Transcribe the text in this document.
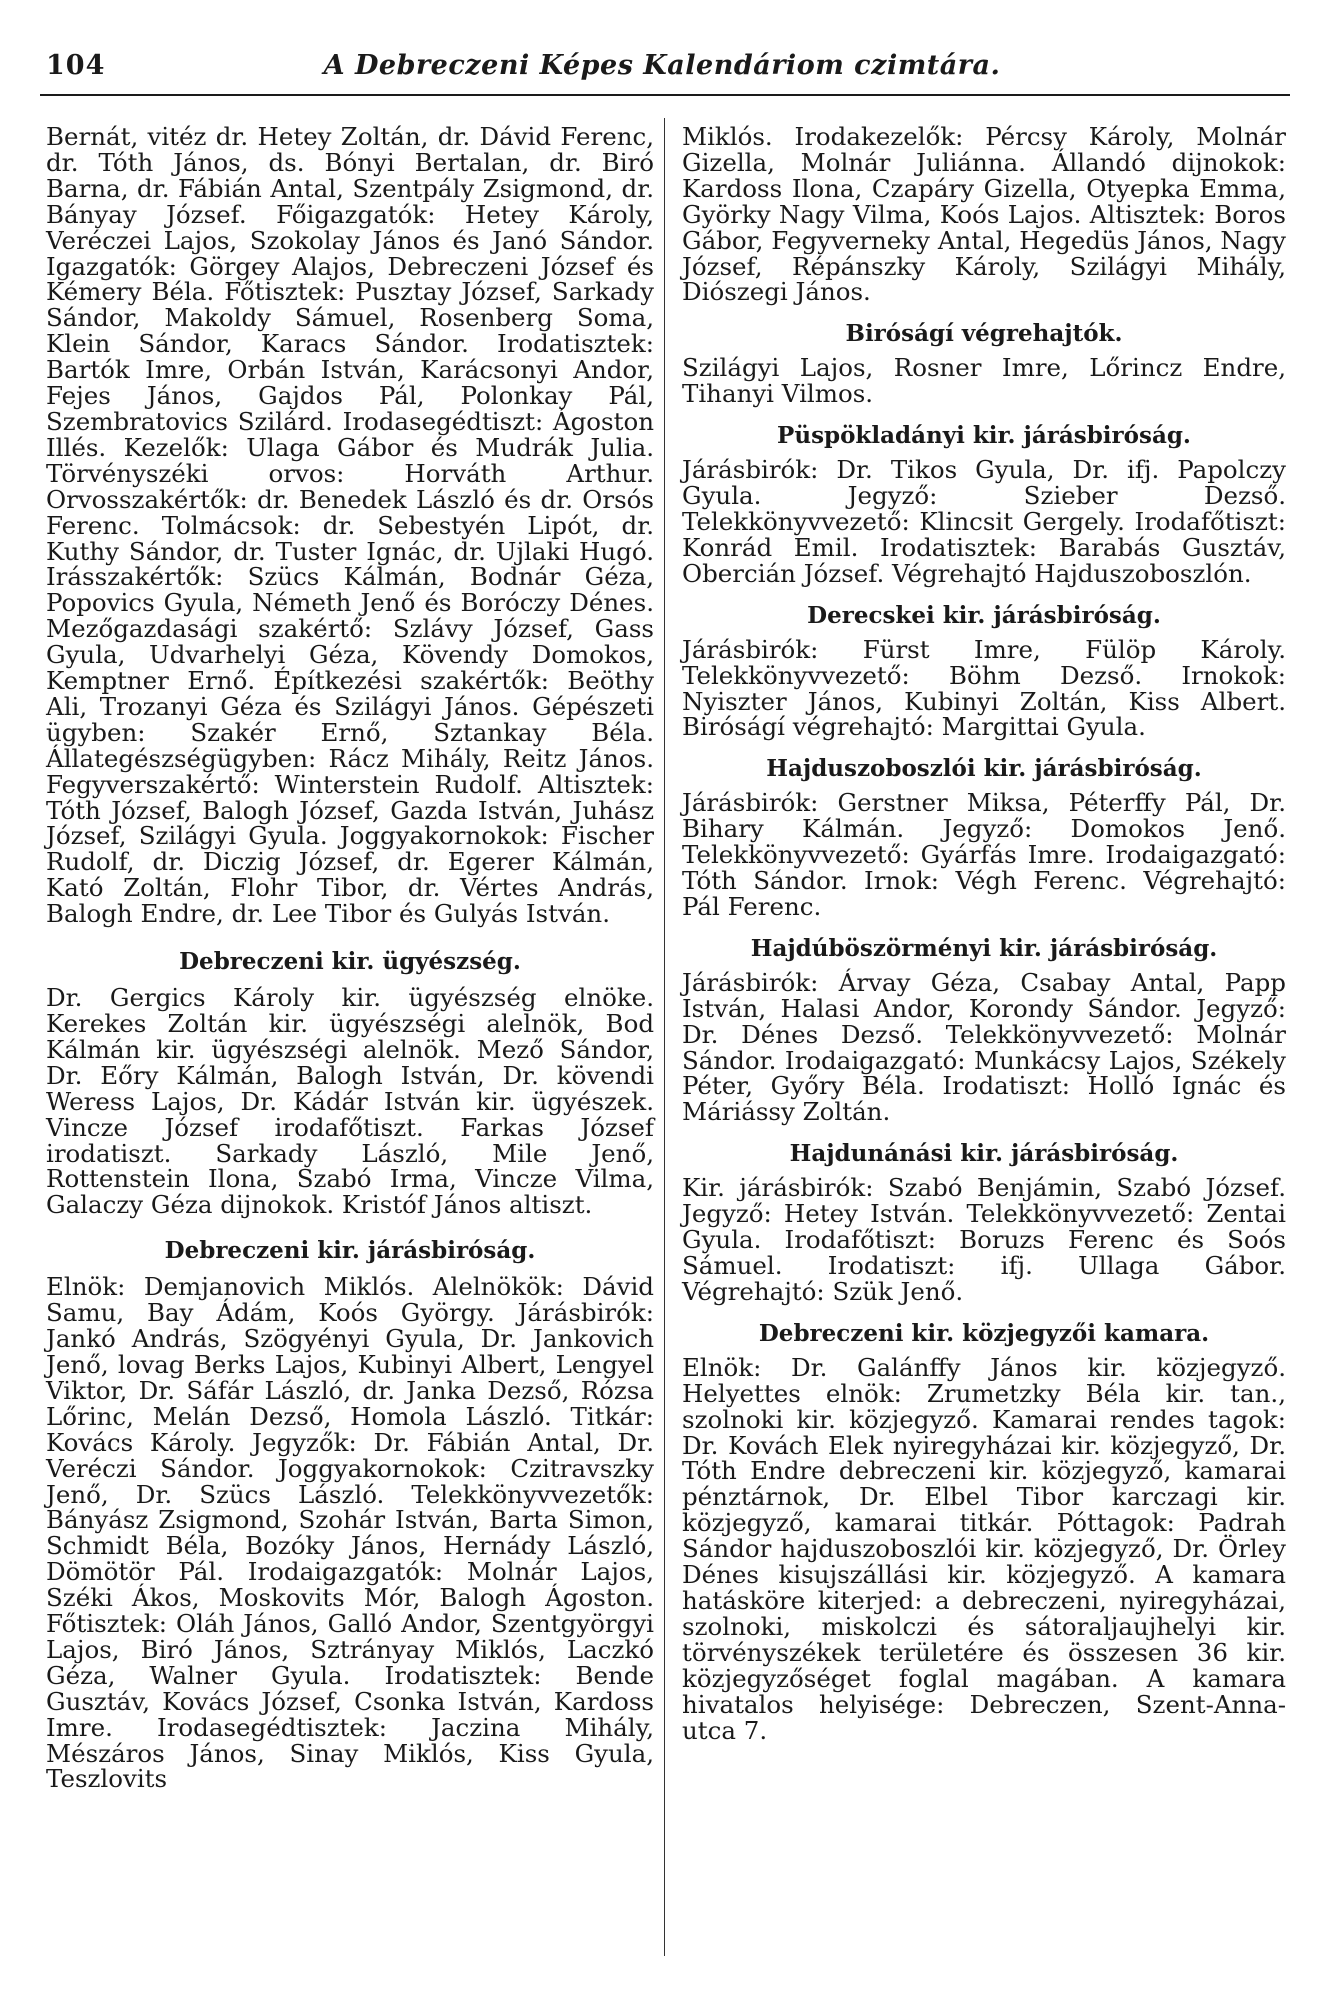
104	A Debreczeni Képes Kalendáriom czimtára.

Bernát, vitéz dr. Hetey Zoltán, dr. Dávid Ferenc, dr. Tóth János, ds. Bónyi Bertalan, dr. Biró Barna, dr. Fábián Antal, Szentpály Zsigmond, dr. Bányay József. Főigazgatók: Hetey Károly, Veréczei Lajos, Szokolay János és Janó Sándor. Igazgatók: Görgey Alajos, Debreczeni József és Kémery Béla. Főtisztek: Pusztay József, Sarkady Sándor, Makoldy Sámuel, Rosenberg Soma, Klein Sándor, Karacs Sándor. Irodatisztek: Bartók Imre, Orbán István, Karácsonyi Andor, Fejes János, Gajdos Pál, Polonkay Pál, Szembratovics Szilárd. Irodasegédtiszt: Ágoston Illés. Kezelők: Ulaga Gábor és Mudrák Julia. Törvényszéki orvos: Horváth Arthur. Orvosszakértők: dr. Benedek László és dr. Orsós Ferenc. Tolmácsok: dr. Sebestyén Lipót, dr. Kuthy Sándor, dr. Tuster Ignác, dr. Ujlaki Hugó. Irásszakértők: Szücs Kálmán, Bodnár Géza, Popovics Gyula, Németh Jenő és Boróczy Dénes. Mezőgazdasági szakértő: Szlávy József, Gass Gyula, Udvarhelyi Géza, Kövendy Domokos, Kemptner Ernő. Építkezési szakértők: Beöthy Ali, Trozanyi Géza és Szilágyi János. Gépészeti ügyben: Szakér Ernő, Sztankay Béla. Állategészségügyben: Rácz Mihály, Reitz János. Fegyverszakértő: Winterstein Rudolf. Altisztek: Tóth József, Balogh József, Gazda István, Juhász József, Szilágyi Gyula. Joggyakornokok: Fischer Rudolf, dr. Diczig József, dr. Egerer Kálmán, Kató Zoltán, Flohr Tibor, dr. Vértes András, Balogh Endre, dr. Lee Tibor és Gulyás István.

Debreczeni kir. ügyészség.

Dr. Gergics Károly kir. ügyészség elnöke. Kerekes Zoltán kir. ügyészségi alelnök, Bod Kálmán kir. ügyészségi alelnök. Mező Sándor, Dr. Eőry Kálmán, Balogh István, Dr. kövendi Weress Lajos, Dr. Kádár István kir. ügyészek. Vincze József irodafőtiszt. Farkas József irodatiszt. Sarkady László, Mile Jenő, Rottenstein Ilona, Szabó Irma, Vincze Vilma, Galaczy Géza dijnokok. Kristóf János altiszt.

Debreczeni kir. járásbiróság.

Elnök: Demjanovich Miklós. Alelnökök: Dávid Samu, Bay Ádám, Koós György. Járásbirók: Jankó András, Szögyényi Gyula, Dr. Jankovich Jenő, lovag Berks Lajos, Kubinyi Albert, Lengyel Viktor, Dr. Sáfár László, dr. Janka Dezső, Rózsa Lőrinc, Melán Dezső, Homola László. Titkár: Kovács Károly. Jegyzők: Dr. Fábián Antal, Dr. Veréczi Sándor. Joggyakornokok: Czitravszky Jenő, Dr. Szücs László. Telekkönyvvezetők: Bányász Zsigmond, Szohár István, Barta Simon, Schmidt Béla, Bozóky János, Hernády László, Dömötör Pál. Irodaigazgatók: Molnár Lajos, Széki Ákos, Moskovits Mór, Balogh Ágoston. Főtisztek: Oláh János, Galló Andor, Szentgyörgyi Lajos, Biró János, Sztrányay Miklós, Laczkó Géza, Walner Gyula. Irodatisztek: Bende Gusztáv, Kovács József, Csonka István, Kardoss Imre. Irodasegédtisztek: Jaczina Mihály, Mészáros János, Sinay Miklós, Kiss Gyula, Teszlovits

Miklós. Irodakezelők: Pércsy Károly, Molnár Gizella, Molnár Juliánna. Állandó dijnokok: Kardoss Ilona, Czapáry Gizella, Otyepka Emma, Györky Nagy Vilma, Koós Lajos. Altisztek: Boros Gábor, Fegyverneky Antal, Hegedüs János, Nagy József, Répánszky Károly, Szilágyi Mihály, Diószegi János.

Biróságí végrehajtók.

Szilágyi Lajos, Rosner Imre, Lőrincz Endre, Tihanyi Vilmos.

Püspökladányi kir. járásbiróság.

Járásbirók: Dr. Tikos Gyula, Dr. ifj. Papolczy Gyula. Jegyző: Szieber Dezső. Telekkönyvvezető: Klincsit Gergely. Irodafőtiszt: Konrád Emil. Irodatisztek: Barabás Gusztáv, Obercián József. Végrehajtó Hajduszoboszlón.

Derecskei kir. járásbiróság.

Járásbirók: Fürst Imre, Fülöp Károly. Telekkönyvvezető: Böhm Dezső. Irnokok: Nyiszter János, Kubinyi Zoltán, Kiss Albert. Biróságí végrehajtó: Margittai Gyula.

Hajduszoboszlói kir. járásbiróság.

Járásbirók: Gerstner Miksa, Péterffy Pál, Dr. Bihary Kálmán. Jegyző: Domokos Jenő. Telekkönyvvezető: Gyárfás Imre. Irodaigazgató: Tóth Sándor. Irnok: Végh Ferenc. Végrehajtó: Pál Ferenc.

Hajdúböszörményi kir. járásbiróság.

Járásbirók: Árvay Géza, Csabay Antal, Papp István, Halasi Andor, Korondy Sándor. Jegyző: Dr. Dénes Dezső. Telekkönyvvezető: Molnár Sándor. Irodaigazgató: Munkácsy Lajos, Székely Péter, Győry Béla. Irodatiszt: Holló Ignác és Máriássy Zoltán.

Hajdunánási kir. járásbiróság.

Kir. járásbirók: Szabó Benjámin, Szabó József. Jegyző: Hetey István. Telekkönyvvezető: Zentai Gyula. Irodafőtiszt: Boruzs Ferenc és Soós Sámuel. Irodatiszt: ifj. Ullaga Gábor. Végrehajtó: Szük Jenő.

Debreczeni kir. közjegyzői kamara.

Elnök: Dr. Galánffy János kir. közjegyző. Helyettes elnök: Zrumetzky Béla kir. tan., szolnoki kir. közjegyző. Kamarai rendes tagok: Dr. Kovách Elek nyiregyházai kir. közjegyző, Dr. Tóth Endre debreczeni kir. közjegyző, kamarai pénztárnok, Dr. Elbel Tibor karczagi kir. közjegyző, kamarai titkár. Póttagok: Padrah Sándor hajduszoboszlói kir. közjegyző, Dr. Örley Dénes kisujszállási kir. közjegyző. A kamara hatásköre kiterjed: a debreczeni, nyiregyházai, szolnoki, miskolczi és sátoraljaujhelyi kir. törvényszékek területére és összesen 36 kir. közjegyzőséget foglal magában. A kamara hivatalos helyisége: Debreczen, Szent-Anna-utca 7.
